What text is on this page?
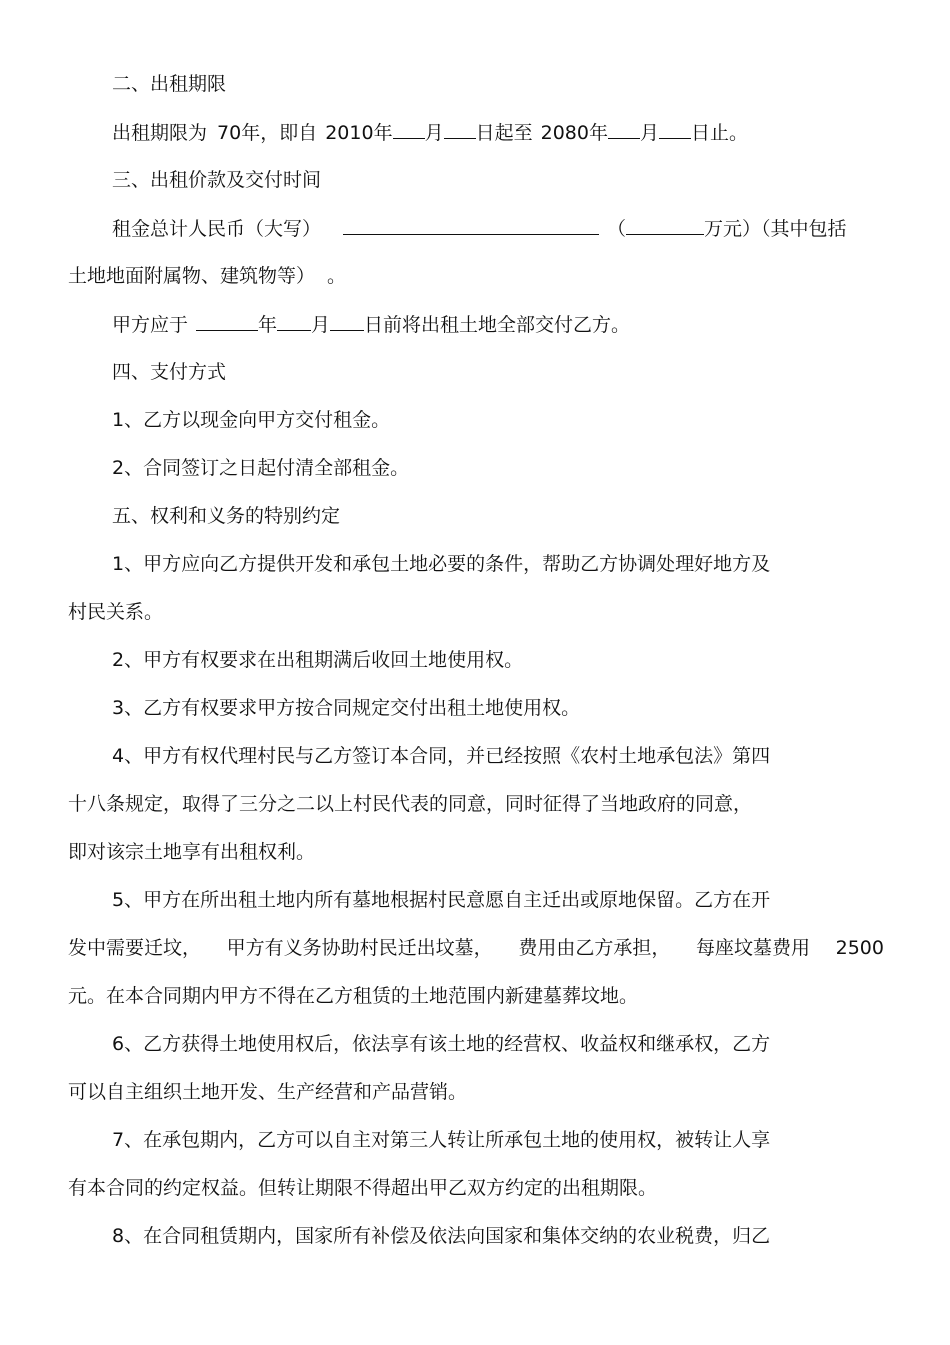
二、出租期限
出租期限为 70年，即自 2010年 月 日起至 2080年 月 日止。
三、出租价款及交付时间
租金总计人民币（大写）	（	万元）（其中包括
土地地面附属物、建筑物等） 。
甲方应于	年 月 日前将出租土地全部交付乙方。
四、支付方式
1、乙方以现金向甲方交付租金。
2、合同签订之日起付清全部租金。
五、权利和义务的特别约定
1、甲方应向乙方提供开发和承包土地必要的条件，帮助乙方协调处理好地方及
村民关系。
2、甲方有权要求在出租期满后收回土地使用权。
3、乙方有权要求甲方按合同规定交付出租土地使用权。
4、甲方有权代理村民与乙方签订本合同，并已经按照《农村土地承包法》第四
十八条规定，取得了三分之二以上村民代表的同意，同时征得了当地政府的同意，
即对该宗土地享有出租权利。
5、甲方在所出租土地内所有墓地根据村民意愿自主迁出或原地保留。乙方在开
发中需要迁坟， 甲方有义务协助村民迁出坟墓， 费用由乙方承担， 每座坟墓费用 2500
元。在本合同期内甲方不得在乙方租赁的土地范围内新建墓葬坟地。
6、乙方获得土地使用权后，依法享有该土地的经营权、收益权和继承权，乙方
可以自主组织土地开发、生产经营和产品营销。
7、在承包期内，乙方可以自主对第三人转让所承包土地的使用权，被转让人享
有本合同的约定权益。但转让期限不得超出甲乙双方约定的出租期限。
8、在合同租赁期内，国家所有补偿及依法向国家和集体交纳的农业税费，归乙
